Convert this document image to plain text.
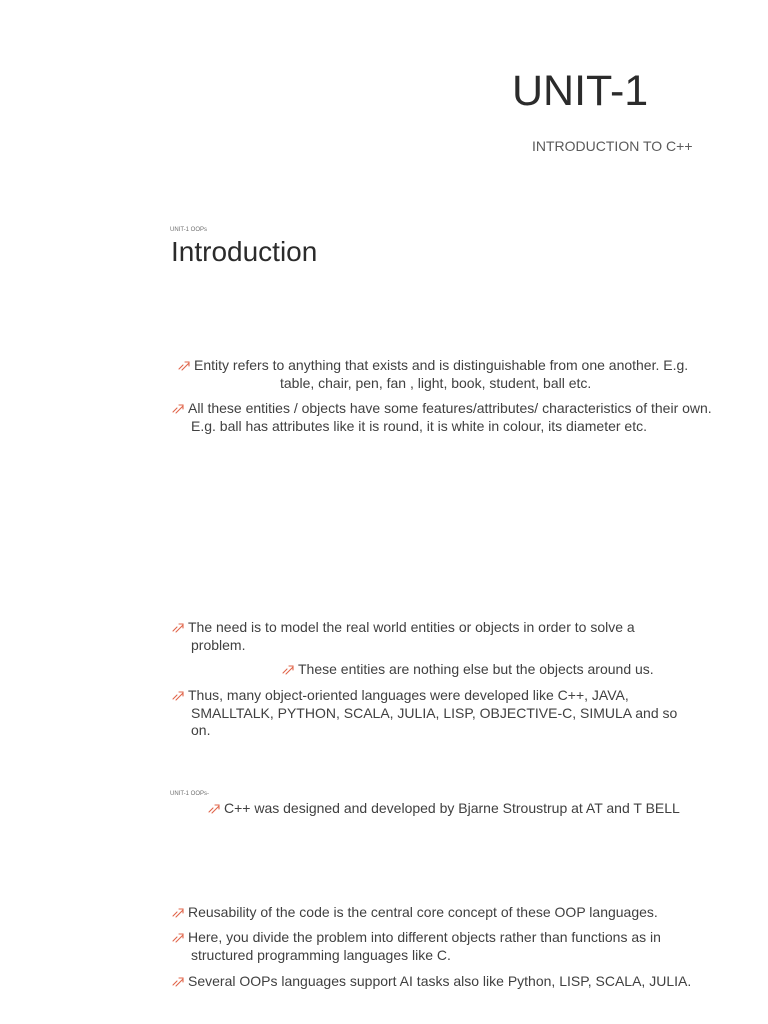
UNIT-1
INTRODUCTION TO C++
UNIT-1 OOPs
Introduction
Entity refers to anything that exists and is distinguishable from one another. E.g.
table, chair, pen, fan , light, book, student, ball etc.
All these entities / objects have some features/attributes/ characteristics of their own.
E.g. ball has attributes like it is round, it is white in colour, its diameter etc.
The need is to model the real world entities or objects in order to solve a
problem.
These entities are nothing else but the objects around us.
Thus, many object-oriented languages were developed like C++, JAVA,
SMALLTALK, PYTHON, SCALA, JULIA, LISP, OBJECTIVE-C, SIMULA and so
on.
UNIT-1 OOPs-
C++ was designed and developed by Bjarne Stroustrup at AT and T BELL
Reusability of the code is the central core concept of these OOP languages.
Here, you divide the problem into different objects rather than functions as in
structured programming languages like C.
Several OOPs languages support AI tasks also like Python, LISP, SCALA, JULIA.
